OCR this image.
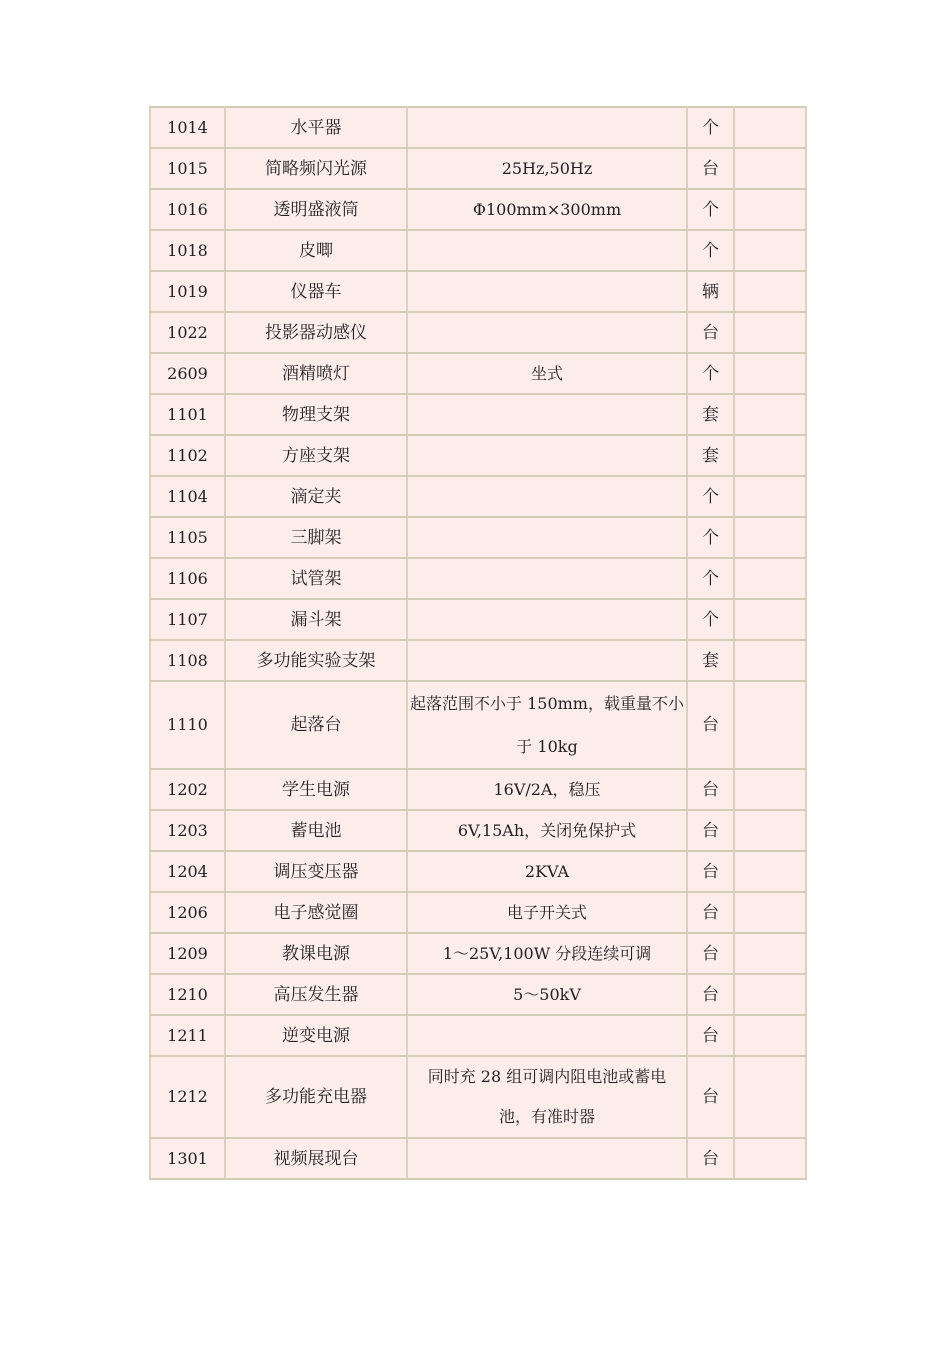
1014	水平器		个	
1015	简略频闪光源	25Hz,50Hz	台	
1016	透明盛液筒	Φ100mm×300mm	个	
1018	皮唧		个	
1019	仪器车		辆	
1022	投影器动感仪		台	
2609	酒精喷灯	坐式	个	
1101	物理支架		套	
1102	方座支架		套	
1104	滴定夹		个	
1105	三脚架		个	
1106	试管架		个	
1107	漏斗架		个	
1108	多功能实验支架		套	
1110	起落台	起落范围不小于 150mm，载重量不小于 10kg	台	
1202	学生电源	16V/2A，稳压	台	
1203	蓄电池	6V,15Ah，关闭免保护式	台	
1204	调压变压器	2KVA	台	
1206	电子感觉圈	电子开关式	台	
1209	教课电源	1～25V,100W 分段连续可调	台	
1210	高压发生器	5～50kV	台	
1211	逆变电源		台	
1212	多功能充电器	同时充 28 组可调内阻电池或蓄电池，有准时器	台	
1301	视频展现台		台	
